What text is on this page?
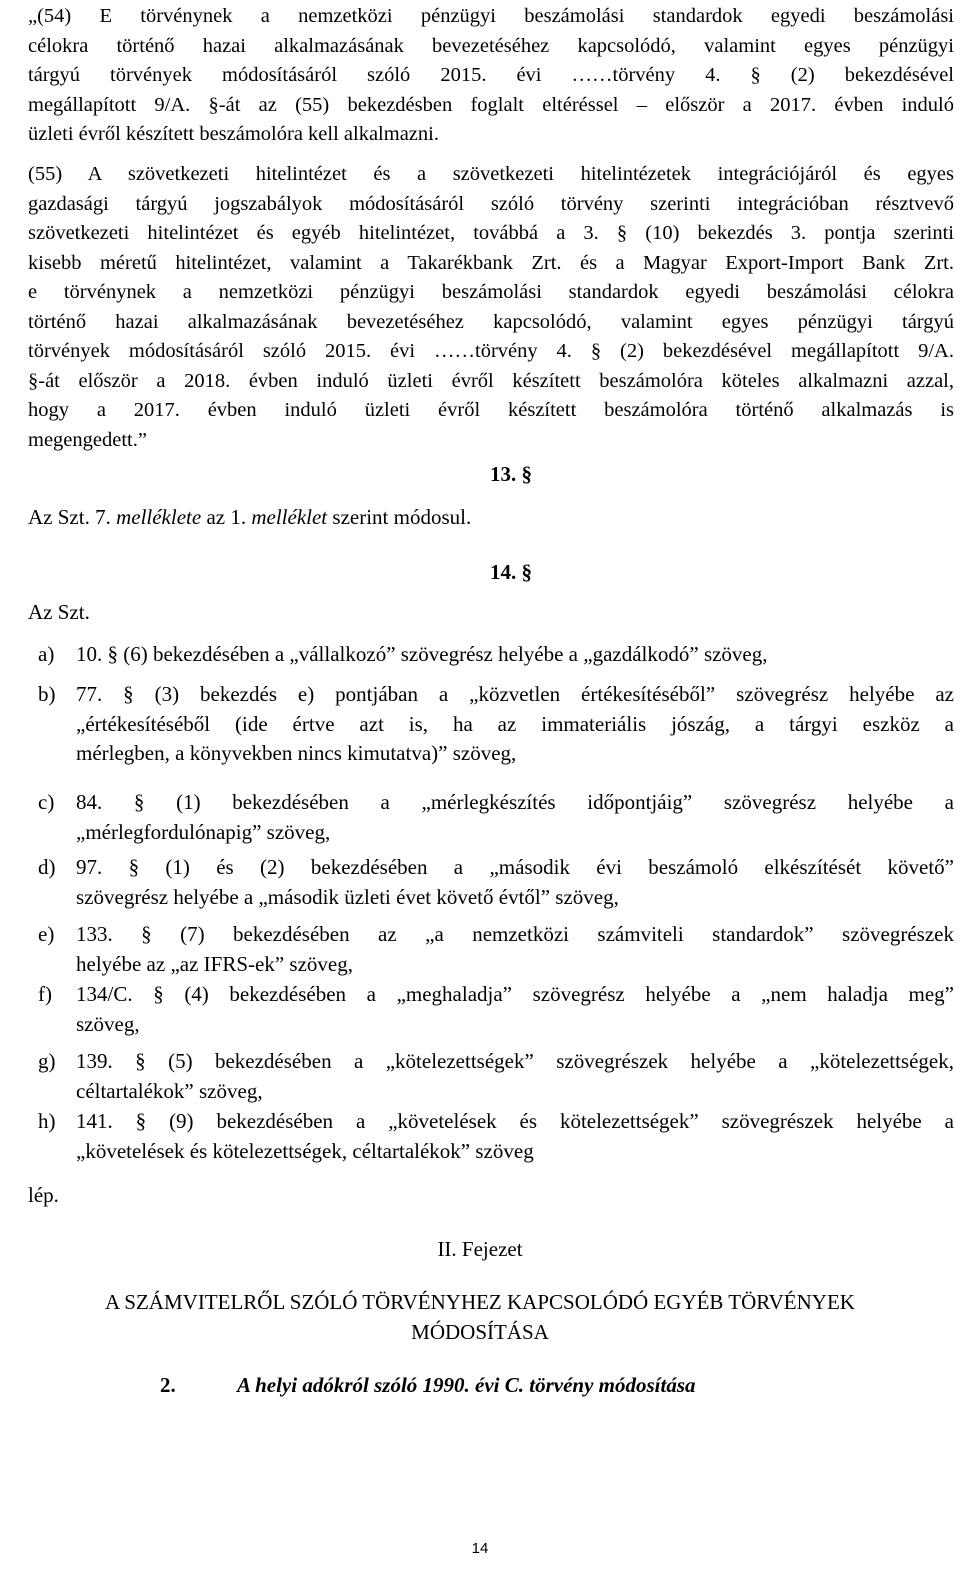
„(54) E törvénynek a nemzetközi pénzügyi beszámolási standardok egyedi beszámolási
célokra történő hazai alkalmazásának bevezetéséhez kapcsolódó, valamint egyes pénzügyi
tárgyú törvények módosításáról szóló 2015. évi ……törvény 4. § (2) bekezdésével
megállapított 9/A. §-át az (55) bekezdésben foglalt eltéréssel – először a 2017. évben induló
üzleti évről készített beszámolóra kell alkalmazni.
(55) A szövetkezeti hitelintézet és a szövetkezeti hitelintézetek integrációjáról és egyes
gazdasági tárgyú jogszabályok módosításáról szóló törvény szerinti integrációban résztvevő
szövetkezeti hitelintézet és egyéb hitelintézet, továbbá a 3. § (10) bekezdés 3. pontja szerinti
kisebb méretű hitelintézet, valamint a Takarékbank Zrt. és a Magyar Export-Import Bank Zrt.
e törvénynek a nemzetközi pénzügyi beszámolási standardok egyedi beszámolási célokra
történő hazai alkalmazásának bevezetéséhez kapcsolódó, valamint egyes pénzügyi tárgyú
törvények módosításáról szóló 2015. évi ……törvény 4. § (2) bekezdésével megállapított 9/A.
§-át először a 2018. évben induló üzleti évről készített beszámolóra köteles alkalmazni azzal,
hogy a 2017. évben induló üzleti évről készített beszámolóra történő alkalmazás is
megengedett.”
13. §
Az Szt. 7. melléklete az 1. melléklet szerint módosul.
14. §
Az Szt.
a) 10. § (6) bekezdésében a „vállalkozó” szövegrész helyébe a „gazdálkodó” szöveg,
b) 77. § (3) bekezdés e) pontjában a „közvetlen értékesítéséből” szövegrész helyébe az
„értékesítéséből (ide értve azt is, ha az immateriális jószág, a tárgyi eszköz a
mérlegben, a könyvekben nincs kimutatva)” szöveg,
c) 84. § (1) bekezdésében a „mérlegkészítés időpontjáig” szövegrész helyébe a
„mérlegfordulónapig” szöveg,
d) 97. § (1) és (2) bekezdésében a „második évi beszámoló elkészítését követő”
szövegrész helyébe a „második üzleti évet követő évtől” szöveg,
e) 133. § (7) bekezdésében az „a nemzetközi számviteli standardok” szövegrészek
helyébe az „az IFRS-ek” szöveg,
f) 134/C. § (4) bekezdésében a „meghaladja” szövegrész helyébe a „nem haladja meg”
szöveg,
g) 139. § (5) bekezdésében a „kötelezettségek” szövegrészek helyébe a „kötelezettségek,
céltartalékok” szöveg,
h) 141. § (9) bekezdésében a „követelések és kötelezettségek” szövegrészek helyébe a
„követelések és kötelezettségek, céltartalékok” szöveg
lép.
II. Fejezet
A SZÁMVITELRŐL SZÓLÓ TÖRVÉNYHEZ KAPCSOLÓDÓ EGYÉB TÖRVÉNYEK
MÓDOSÍTÁSA
2.	A helyi adókról szóló 1990. évi C. törvény módosítása
14
